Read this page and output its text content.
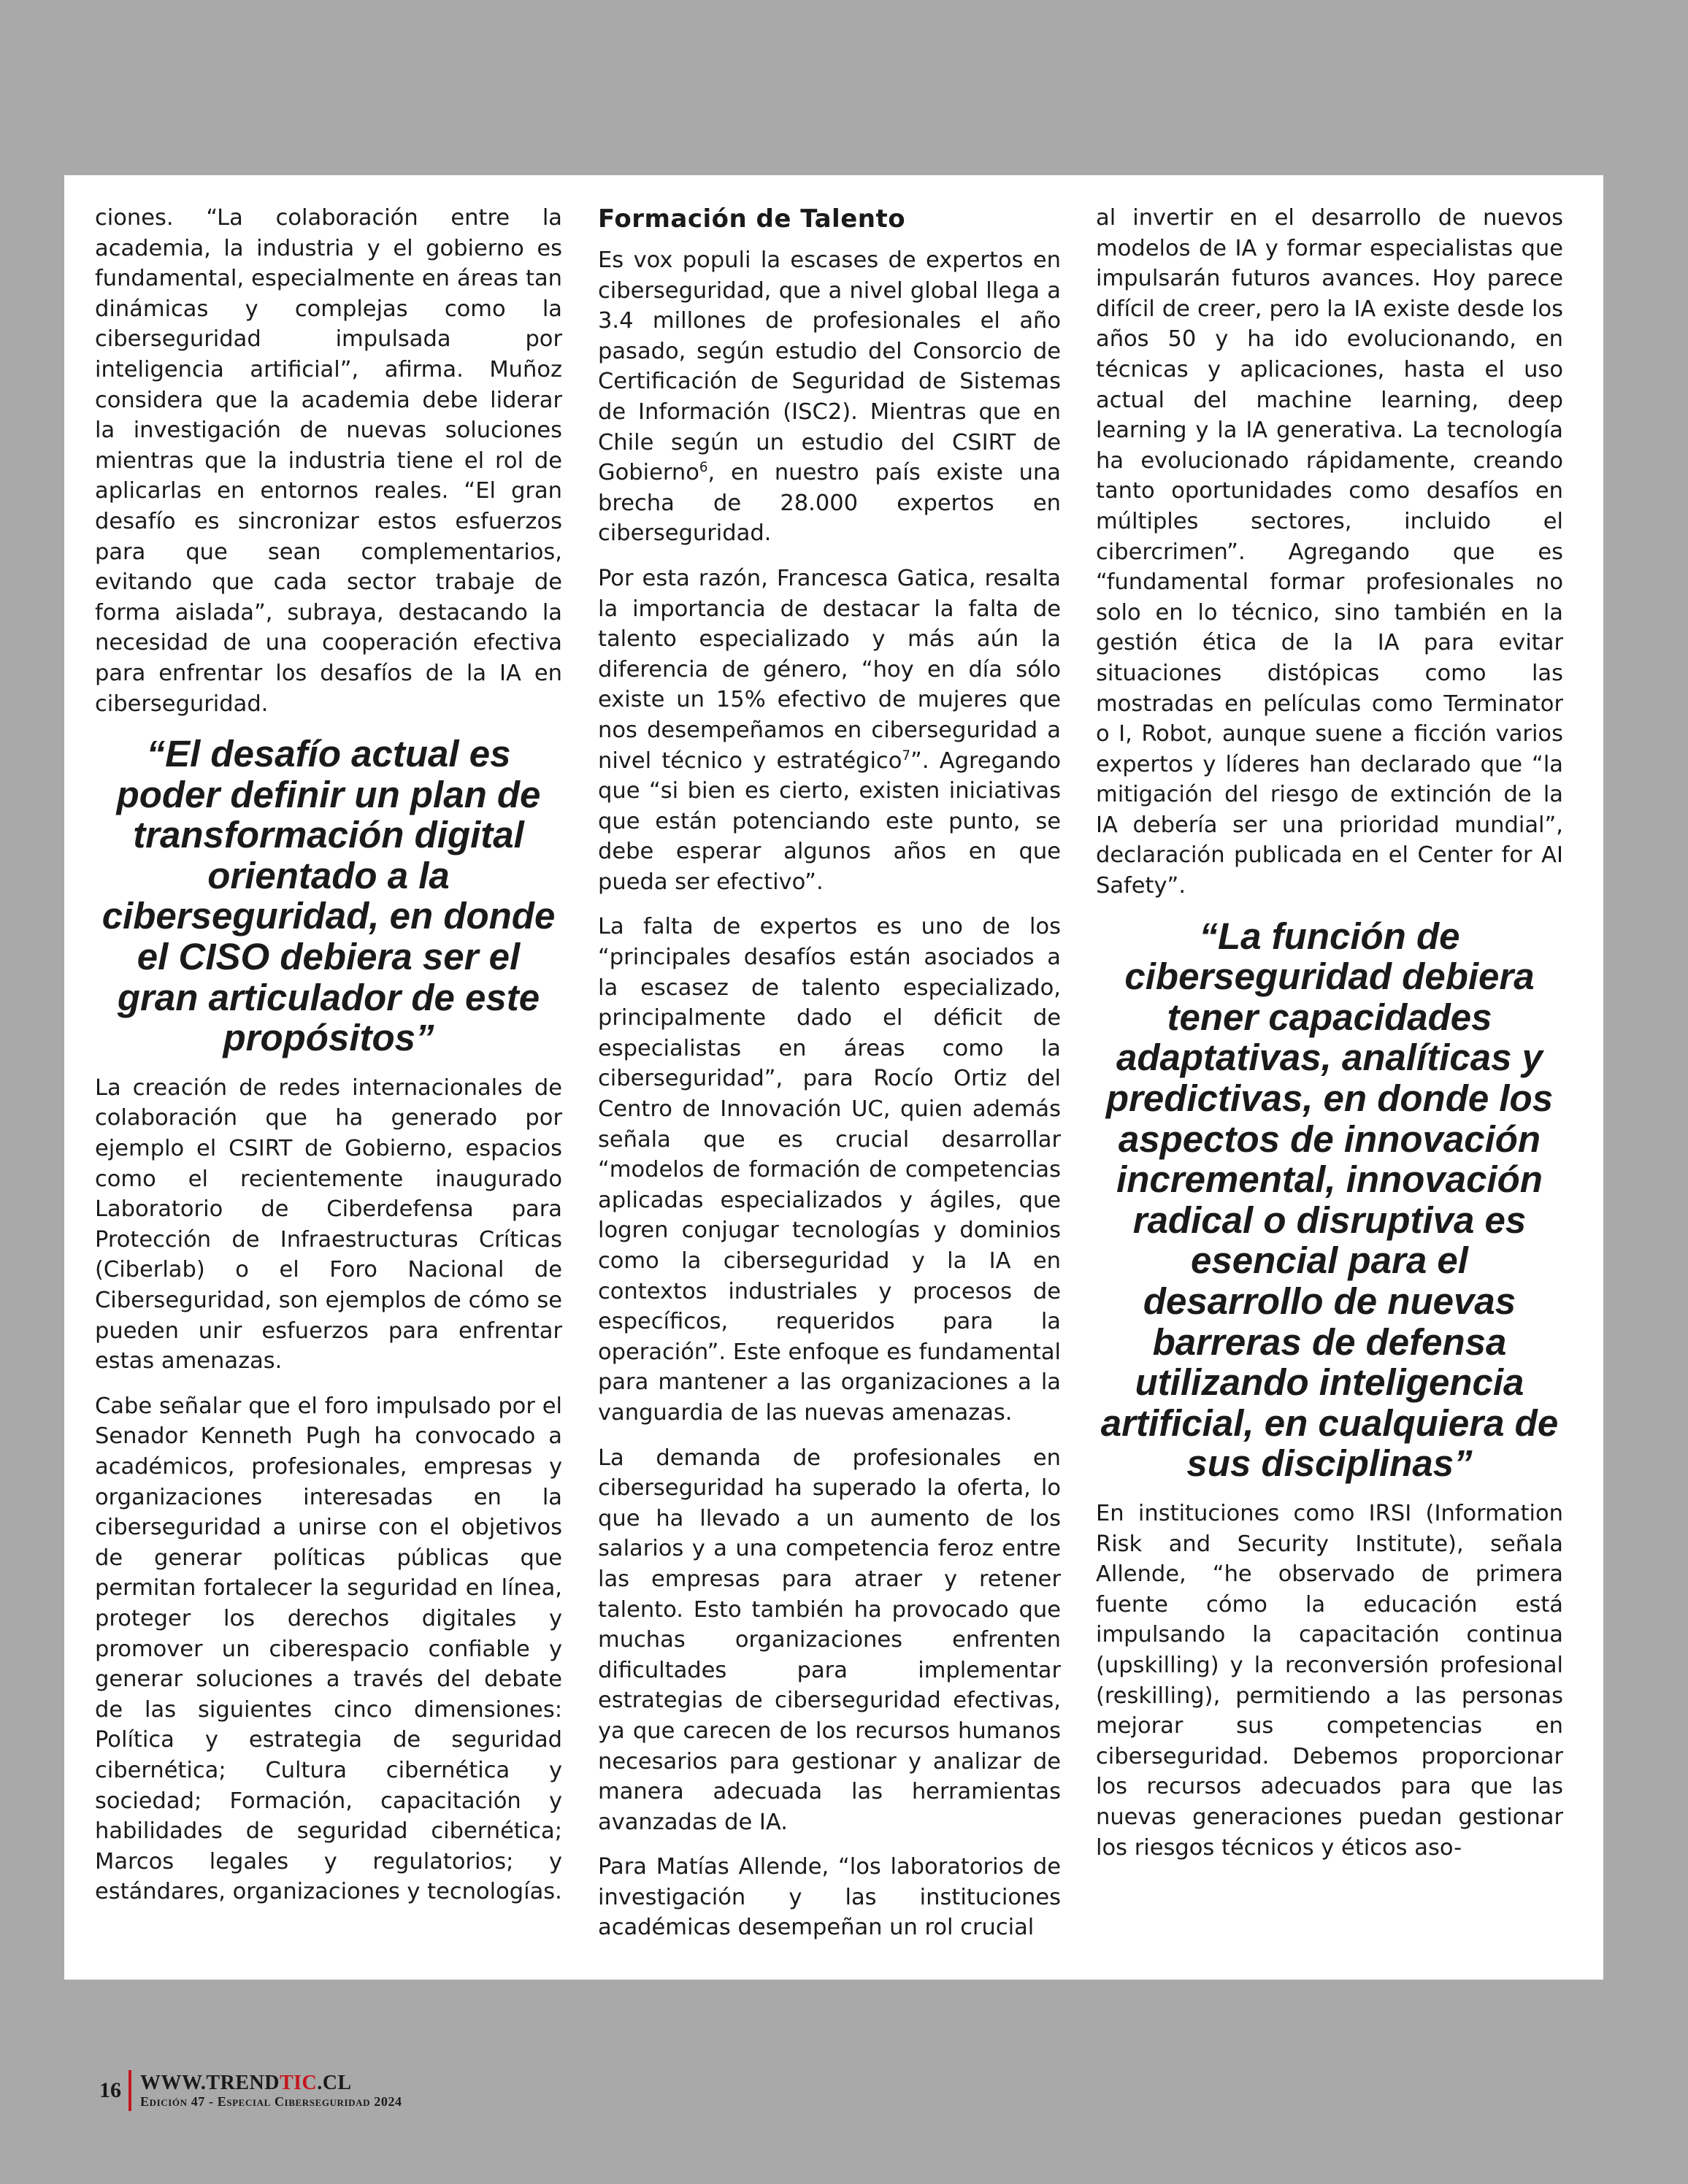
ciones. “La colaboración entre la academia, la industria y el gobierno es fundamental, especialmente en áreas tan dinámicas y complejas como la ciberseguridad impulsada por inteligencia artificial”, afirma. Muñoz considera que la academia debe liderar la investigación de nuevas soluciones mientras que la industria tiene el rol de aplicarlas en entornos reales. “El gran desafío es sincronizar estos esfuerzos para que sean complementarios, evitando que cada sector trabaje de forma aislada”, subraya, destacando la necesidad de una cooperación efectiva para enfrentar los desafíos de la IA en ciberseguridad.

“El desafío actual es poder definir un plan de transformación digital orientado a la ciberseguridad, en donde el CISO debiera ser el gran articulador de este propósitos”

La creación de redes internacionales de colaboración que ha generado por ejemplo el CSIRT de Gobierno, espacios como el recientemente inaugurado Laboratorio de Ciberdefensa para Protección de Infraestructuras Críticas (Ciberlab) o el Foro Nacional de Ciberseguridad, son ejemplos de cómo se pueden unir esfuerzos para enfrentar estas amenazas.

Cabe señalar que el foro impulsado por el Senador Kenneth Pugh ha convocado a académicos, profesionales, empresas y organizaciones interesadas en la ciberseguridad a unirse con el objetivos de generar políticas públicas que permitan fortalecer la seguridad en línea, proteger los derechos digitales y promover un ciberespacio confiable y generar soluciones a través del debate de las siguientes cinco dimensiones: Política y estrategia de seguridad cibernética; Cultura cibernética y sociedad; Formación, capacitación y habilidades de seguridad cibernética; Marcos legales y regulatorios; y estándares, organizaciones y tecnologías.

Formación de Talento

Es vox populi la escases de expertos en ciberseguridad, que a nivel global llega a 3.4 millones de profesionales el año pasado, según estudio del Consorcio de Certificación de Seguridad de Sistemas de Información (ISC2). Mientras que en Chile según un estudio del CSIRT de Gobierno$^6$, en nuestro país existe una brecha de 28.000 expertos en ciberseguridad.

Por esta razón, Francesca Gatica, resalta la importancia de destacar la falta de talento especializado y más aún la diferencia de género, “hoy en día sólo existe un 15% efectivo de mujeres que nos desempeñamos en ciberseguridad a nivel técnico y estratégico$^7$”. Agregando que “si bien es cierto, existen iniciativas que están potenciando este punto, se debe esperar algunos años en que pueda ser efectivo”.

La falta de expertos es uno de los “principales desafíos están asociados a la escasez de talento especializado, principalmente dado el déficit de especialistas en áreas como la ciberseguridad”, para Rocío Ortiz del Centro de Innovación UC, quien además señala que es crucial desarrollar “modelos de formación de competencias aplicadas especializados y ágiles, que logren conjugar tecnologías y dominios como la ciberseguridad y la IA en contextos industriales y procesos de específicos, requeridos para la operación”. Este enfoque es fundamental para mantener a las organizaciones a la vanguardia de las nuevas amenazas.

La demanda de profesionales en ciberseguridad ha superado la oferta, lo que ha llevado a un aumento de los salarios y a una competencia feroz entre las empresas para atraer y retener talento. Esto también ha provocado que muchas organizaciones enfrenten dificultades para implementar estrategias de ciberseguridad efectivas, ya que carecen de los recursos humanos necesarios para gestionar y analizar de manera adecuada las herramientas avanzadas de IA.

Para Matías Allende, “los laboratorios de investigación y las instituciones académicas desempeñan un rol crucial

al invertir en el desarrollo de nuevos modelos de IA y formar especialistas que impulsarán futuros avances. Hoy parece difícil de creer, pero la IA existe desde los años 50 y ha ido evolucionando, en técnicas y aplicaciones, hasta el uso actual del machine learning, deep learning y la IA generativa. La tecnología ha evolucionado rápidamente, creando tanto oportunidades como desafíos en múltiples sectores, incluido el cibercrimen”. Agregando que es “fundamental formar profesionales no solo en lo técnico, sino también en la gestión ética de la IA para evitar situaciones distópicas como las mostradas en películas como Terminator o I, Robot, aunque suene a ficción varios expertos y líderes han declarado que “la mitigación del riesgo de extinción de la IA debería ser una prioridad mundial”, declaración publicada en el Center for AI Safety”.

“La función de ciberseguridad debiera tener capacidades adaptativas, analíticas y predictivas, en donde los aspectos de innovación incremental, innovación radical o disruptiva es esencial para el desarrollo de nuevas barreras de defensa utilizando inteligencia artificial, en cualquiera de sus disciplinas”

En instituciones como IRSI (Information Risk and Security Institute), señala Allende, “he observado de primera fuente cómo la educación está impulsando la capacitación continua (upskilling) y la reconversión profesional (reskilling), permitiendo a las personas mejorar sus competencias en ciberseguridad. Debemos proporcionar los recursos adecuados para que las nuevas generaciones puedan gestionar los riesgos técnicos y éticos aso-

16 WWW.TRENDTIC.CL
Edición 47 - Especial Ciberseguridad 2024
